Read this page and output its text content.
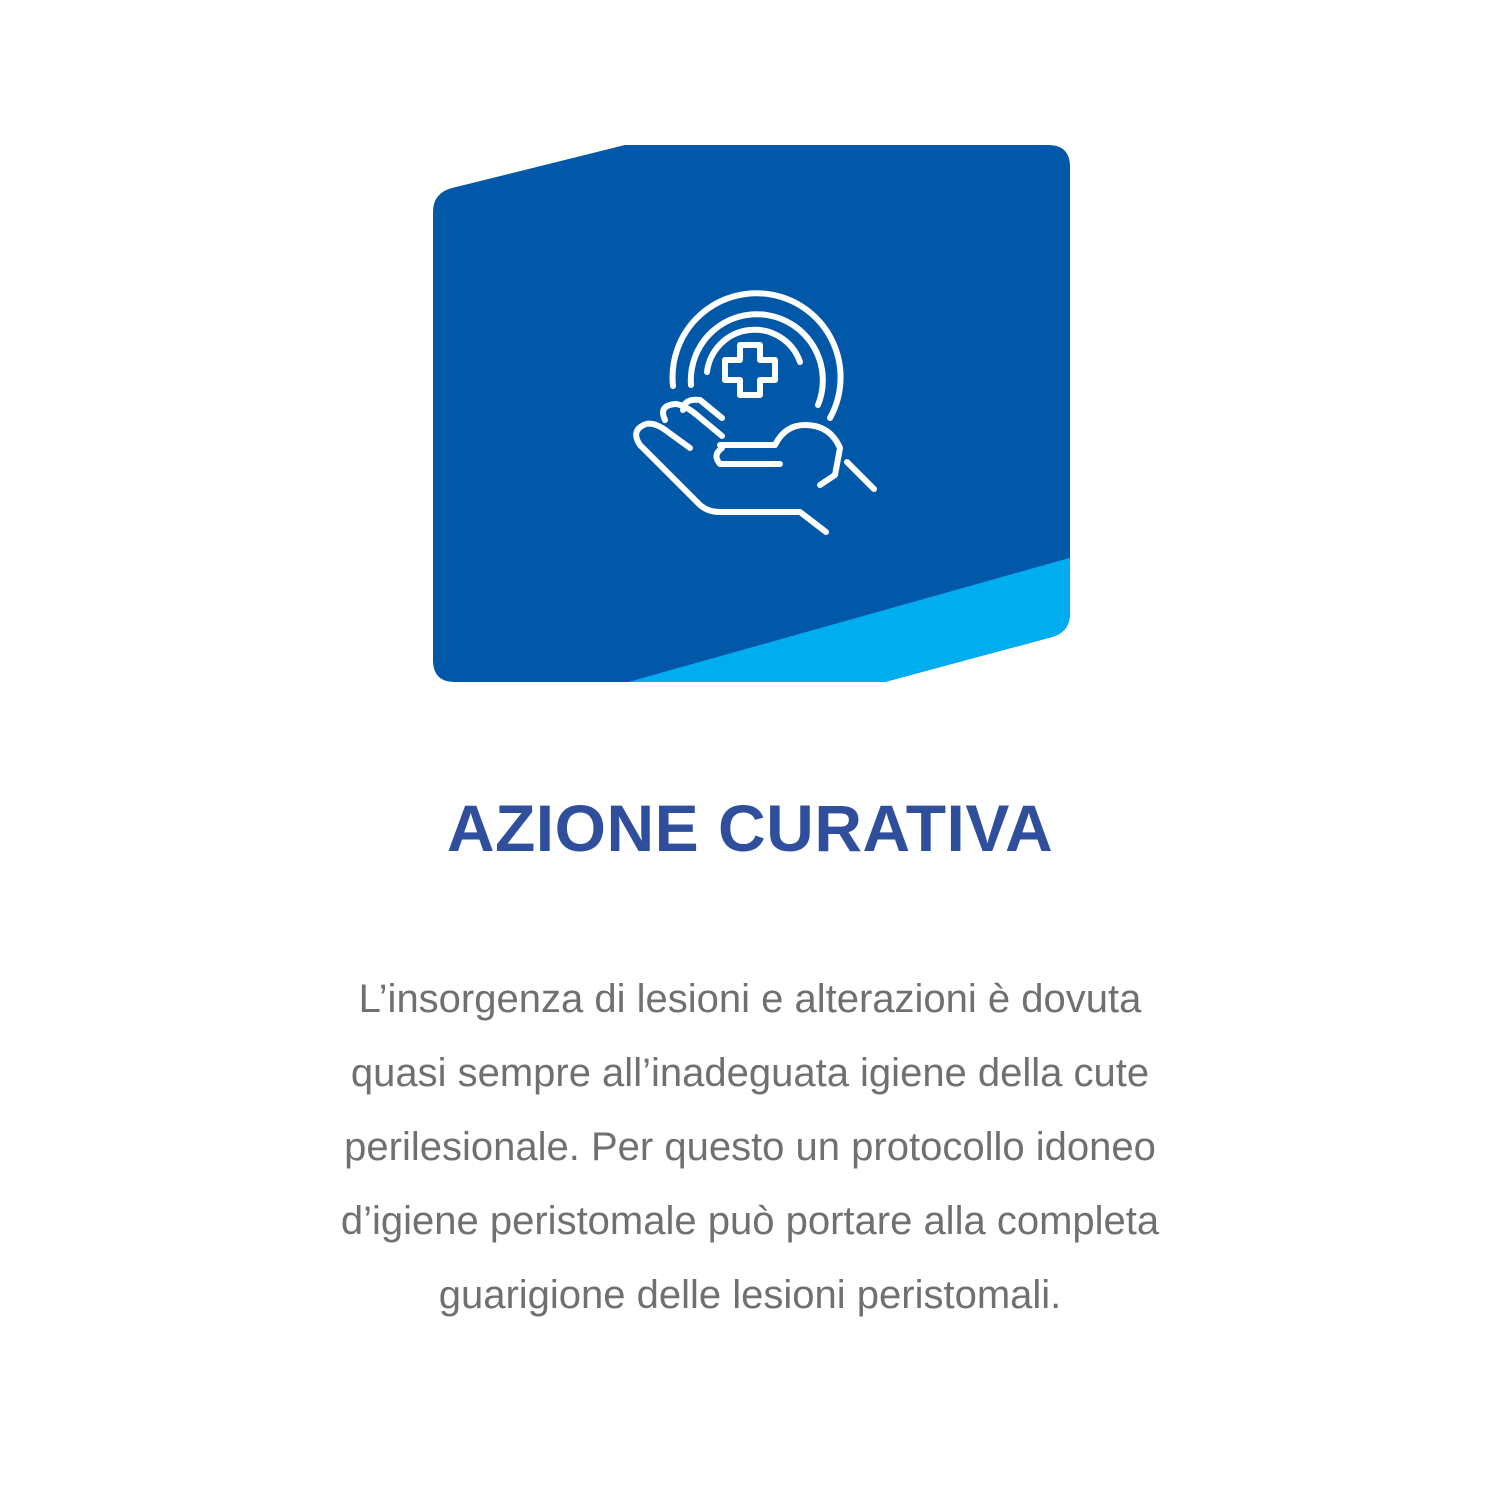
AZIONE CURATIVA

L’insorgenza di lesioni e alterazioni è dovuta quasi sempre all’inadeguata igiene della cute perilesionale. Per questo un protocollo idoneo d’igiene peristomale può portare alla completa guarigione delle lesioni peristomali.
